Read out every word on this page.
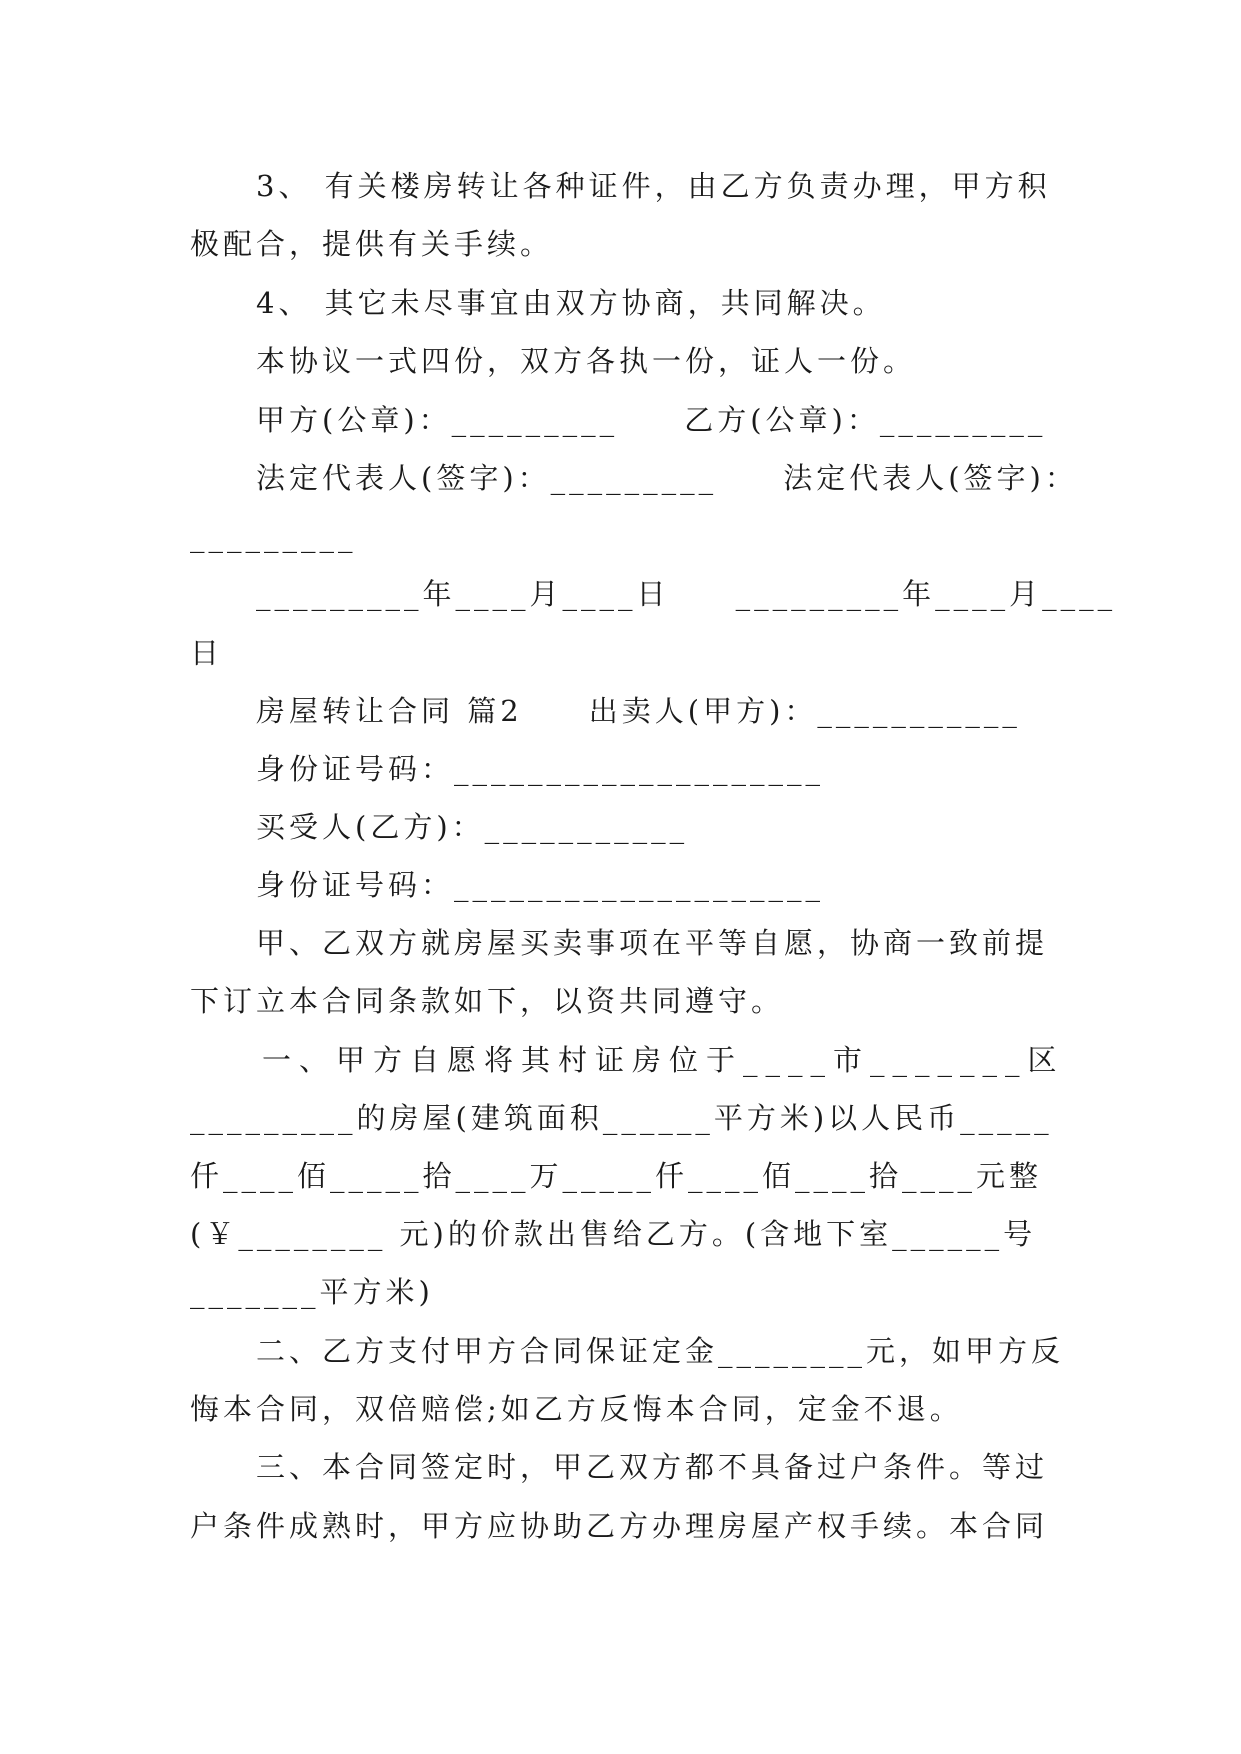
3、 有关楼房转让各种证件，由乙方负责办理，甲方积
极配合，提供有关手续。
4、 其它未尽事宜由双方协商，共同解决。
本协议一式四份，双方各执一份，证人一份。
甲方(公章)：_________     乙方(公章)：_________
法定代表人(签字)：_________     法定代表人(签字)：
_________
_________年____月____日     _________年____月____
日
房屋转让合同 篇2     出卖人(甲方)：___________
身份证号码：____________________
买受人(乙方)：___________
身份证号码：____________________
甲、乙双方就房屋买卖事项在平等自愿，协商一致前提
下订立本合同条款如下，以资共同遵守。
一、甲方自愿将其村证房位于____市_______区
_________的房屋(建筑面积______平方米)以人民币_____
仟____佰_____拾____万_____仟____佰____拾____元整
(￥________ 元)的价款出售给乙方。(含地下室______号
_______平方米)
二、乙方支付甲方合同保证定金________元，如甲方反
悔本合同，双倍赔偿;如乙方反悔本合同，定金不退。
三、本合同签定时，甲乙双方都不具备过户条件。等过
户条件成熟时，甲方应协助乙方办理房屋产权手续。本合同
